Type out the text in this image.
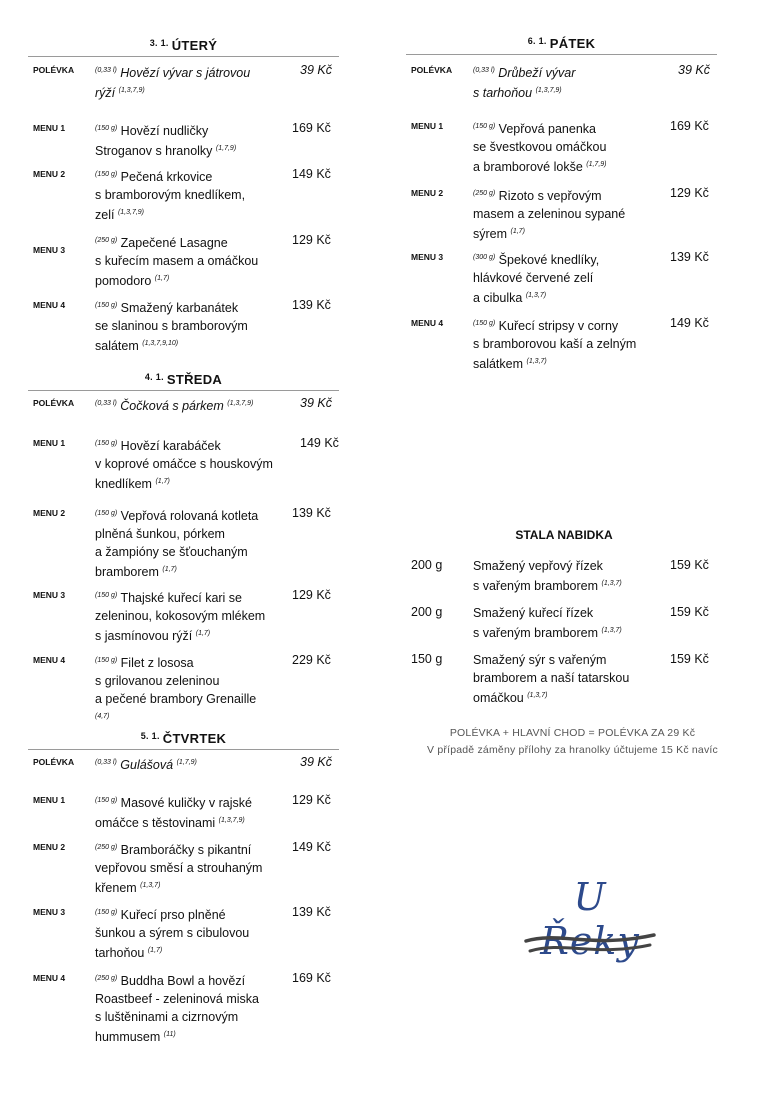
$^{3. 1.}$ ÚTERÝ
POLÉVKA	$^{(0,33 l)}$ Hovězí vývar s játrovou
rýží $^{(1,3,7,9)}$
39 Kč
MENU 1	$^{(150 g)}$ Hovězí nudličky
Stroganov s hranolky $^{(1,7,9)}$
169 Kč
MENU 2	$^{(150 g)}$ Pečená krkovice
s bramborovým knedlíkem,
zelí $^{(1,3,7,9)}$
149 Kč
MENU 3
$^{(250 g)}$ Zapečené Lasagne
s kuřecím masem a omáčkou
pomodoro $^{(1,7)}$
129 Kč
MENU 4	$^{(150 g)}$ Smažený karbanátek
se slaninou s bramborovým
salátem $^{(1,3,7,9,10)}$
139 Kč
$^{4. 1.}$ STŘEDA
POLÉVKA	$^{(0,33 l)}$ Čočková s párkem $^{(1,3,7,9)}$	39 Kč
MENU 1	$^{(150 g)}$ Hovězí karabáček
v koprové omáčce s houskovým
knedlíkem $^{(1,7)}$
149 Kč
MENU 2	$^{(150 g)}$ Vepřová rolovaná kotleta
plněná šunkou, pórkem
a žampióny se šťouchaným
bramborem $^{(1,7)}$
139 Kč
MENU 3	$^{(150 g)}$ Thajské kuřecí kari se
zeleninou, kokosovým mlékem
s jasmínovou rýží $^{(1,7)}$
129 Kč
MENU 4	$^{(150 g)}$ Filet z lososa
s grilovanou zeleninou
a pečené brambory Grenaille
$^{(4,7)}$
229 Kč
$^{5. 1.}$ ČTVRTEK
POLÉVKA	$^{(0,33 l)}$ Gulášová $^{(1,7,9)}$	39 Kč
MENU 1	$^{(150 g)}$ Masové kuličky v rajské
omáčce s těstovinami $^{(1,3,7,9)}$
129 Kč
MENU 2	$^{(250 g)}$ Bramboráčky s pikantní
vepřovou směsí a strouhaným
křenem $^{(1,3,7)}$
149 Kč
MENU 3	$^{(150 g)}$ Kuřecí prso plněné
šunkou a sýrem s cibulovou
tarhoňou $^{(1,7)}$
139 Kč
MENU 4	$^{(250 g)}$ Buddha Bowl a hovězí
Roastbeef - zeleninová miska
s luštěninami a cizrnovým
hummusem $^{(11)}$
169 Kč
$^{6. 1.}$ PÁTEK
POLÉVKA	$^{(0,33 l)}$ Drůbeží vývar
s tarhoňou $^{(1,3,7,9)}$
39 Kč
MENU 1	$^{(150 g)}$ Vepřová panenka
se švestkovou omáčkou
a bramborové lokše $^{(1,7,9)}$
169 Kč
MENU 2	$^{(250 g)}$ Rizoto s vepřovým
masem a zeleninou sypané
sýrem $^{(1,7)}$
129 Kč
MENU 3	$^{(300 g)}$ Špekové knedlíky,
hlávkové červené zelí
a cibulka $^{(1,3,7)}$
139 Kč
MENU 4	$^{(150 g)}$ Kuřecí stripsy v corny
s bramborovou kaší a zelným
salátkem $^{(1,3,7)}$
149 Kč
STALA NABIDKA
200 g Smažený vepřový řízek
s vařeným bramborem $^{(1,3,7)}$
159 Kč
200 g Smažený kuřecí řízek
s vařeným bramborem $^{(1,3,7)}$
159 Kč
150 g Smažený sýr s vařeným
bramborem a naší tatarskou
omáčkou $^{(1,3,7)}$
159 Kč
POLÉVKA + HLAVNÍ CHOD = POLÉVKA ZA 29 Kč
V případě záměny přílohy za hranolky účtujeme 15 Kč navíc
U Řeky
